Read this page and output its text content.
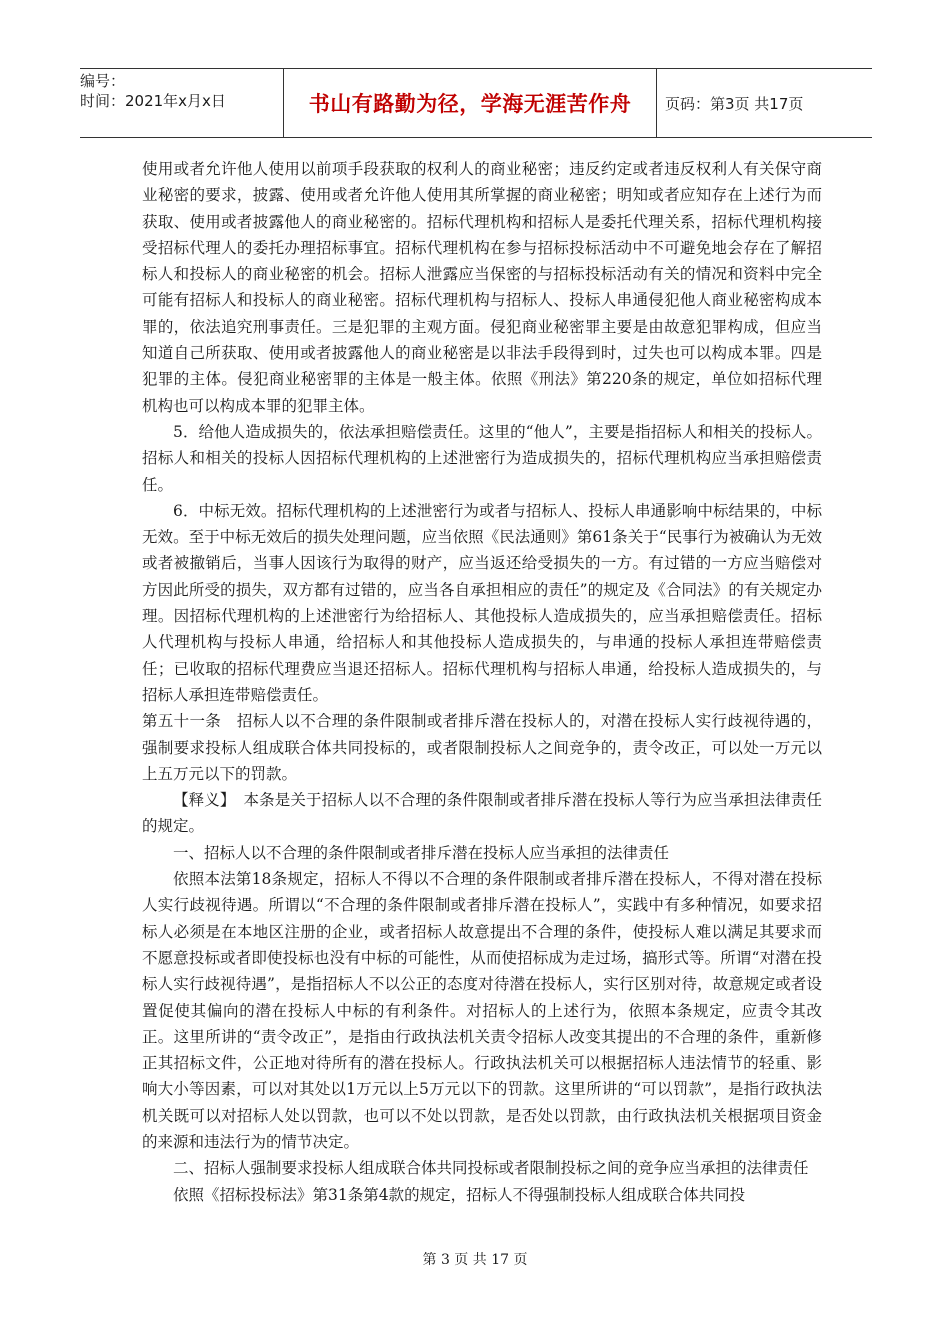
编号：
时间：2021年x月x日	书山有路勤为径，学海无涯苦作舟	页码：第3页 共17页

使用或者允许他人使用以前项手段获取的权利人的商业秘密；违反约定或者违反权利人有关保守商业秘密的要求，披露、使用或者允许他人使用其所掌握的商业秘密；明知或者应知存在上述行为而获取、使用或者披露他人的商业秘密的。招标代理机构和招标人是委托代理关系，招标代理机构接受招标代理人的委托办理招标事宜。招标代理机构在参与招标投标活动中不可避免地会存在了解招标人和投标人的商业秘密的机会。招标人泄露应当保密的与招标投标活动有关的情况和资料中完全可能有招标人和投标人的商业秘密。招标代理机构与招标人、投标人串通侵犯他人商业秘密构成本罪的，依法追究刑事责任。三是犯罪的主观方面。侵犯商业秘密罪主要是由故意犯罪构成，但应当知道自己所获取、使用或者披露他人的商业秘密是以非法手段得到时，过失也可以构成本罪。四是犯罪的主体。侵犯商业秘密罪的主体是一般主体。依照《刑法》第220条的规定，单位如招标代理机构也可以构成本罪的犯罪主体。

5．给他人造成损失的，依法承担赔偿责任。这里的“他人”，主要是指招标人和相关的投标人。招标人和相关的投标人因招标代理机构的上述泄密行为造成损失的，招标代理机构应当承担赔偿责任。

6．中标无效。招标代理机构的上述泄密行为或者与招标人、投标人串通影响中标结果的，中标无效。至于中标无效后的损失处理问题，应当依照《民法通则》第61条关于“民事行为被确认为无效或者被撤销后，当事人因该行为取得的财产，应当返还给受损失的一方。有过错的一方应当赔偿对方因此所受的损失，双方都有过错的，应当各自承担相应的责任”的规定及《合同法》的有关规定办理。因招标代理机构的上述泄密行为给招标人、其他投标人造成损失的，应当承担赔偿责任。招标人代理机构与投标人串通，给招标人和其他投标人造成损失的，与串通的投标人承担连带赔偿责任；已收取的招标代理费应当退还招标人。招标代理机构与招标人串通，给投标人造成损失的，与招标人承担连带赔偿责任。

第五十一条　招标人以不合理的条件限制或者排斥潜在投标人的，对潜在投标人实行歧视待遇的，强制要求投标人组成联合体共同投标的，或者限制投标人之间竞争的，责令改正，可以处一万元以上五万元以下的罚款。

【释义】　本条是关于招标人以不合理的条件限制或者排斥潜在投标人等行为应当承担法律责任的规定。

一、招标人以不合理的条件限制或者排斥潜在投标人应当承担的法律责任

依照本法第18条规定，招标人不得以不合理的条件限制或者排斥潜在投标人，不得对潜在投标人实行歧视待遇。所谓以“不合理的条件限制或者排斥潜在投标人”，实践中有多种情况，如要求招标人必须是在本地区注册的企业，或者招标人故意提出不合理的条件，使投标人难以满足其要求而不愿意投标或者即使投标也没有中标的可能性，从而使招标成为走过场，搞形式等。所谓“对潜在投标人实行歧视待遇”，是指招标人不以公正的态度对待潜在投标人，实行区别对待，故意规定或者设置促使其偏向的潜在投标人中标的有利条件。对招标人的上述行为，依照本条规定，应责令其改正。这里所讲的“责令改正”，是指由行政执法机关责令招标人改变其提出的不合理的条件，重新修正其招标文件，公正地对待所有的潜在投标人。行政执法机关可以根据招标人违法情节的轻重、影响大小等因素，可以对其处以1万元以上5万元以下的罚款。这里所讲的“可以罚款”，是指行政执法机关既可以对招标人处以罚款，也可以不处以罚款，是否处以罚款，由行政执法机关根据项目资金的来源和违法行为的情节决定。

二、招标人强制要求投标人组成联合体共同投标或者限制投标之间的竞争应当承担的法律责任

依照《招标投标法》第31条第4款的规定，招标人不得强制投标人组成联合体共同投

第 3 页 共 17 页
